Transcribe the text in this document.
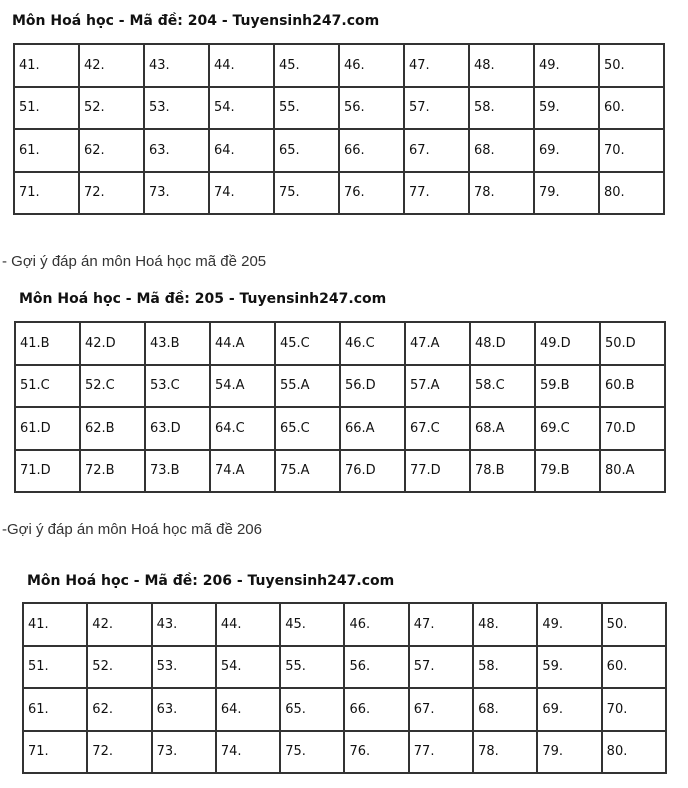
Môn Hoá học - Mã đề: 204 - Tuyensinh247.com
41.	42.	43.	44.	45.	46.	47.	48.	49.	50.
51.	52.	53.	54.	55.	56.	57.	58.	59.	60.
61.	62.	63.	64.	65.	66.	67.	68.	69.	70.
71.	72.	73.	74.	75.	76.	77.	78.	79.	80.
- Gợi ý đáp án môn Hoá học mã đề 205
Môn Hoá học - Mã đề: 205 - Tuyensinh247.com
41.B	42.D	43.B	44.A	45.C	46.C	47.A	48.D	49.D	50.D
51.C	52.C	53.C	54.A	55.A	56.D	57.A	58.C	59.B	60.B
61.D	62.B	63.D	64.C	65.C	66.A	67.C	68.A	69.C	70.D
71.D	72.B	73.B	74.A	75.A	76.D	77.D	78.B	79.B	80.A
-Gợi ý đáp án môn Hoá học mã đề 206
Môn Hoá học - Mã đề: 206 - Tuyensinh247.com
41.	42.	43.	44.	45.	46.	47.	48.	49.	50.
51.	52.	53.	54.	55.	56.	57.	58.	59.	60.
61.	62.	63.	64.	65.	66.	67.	68.	69.	70.
71.	72.	73.	74.	75.	76.	77.	78.	79.	80.
